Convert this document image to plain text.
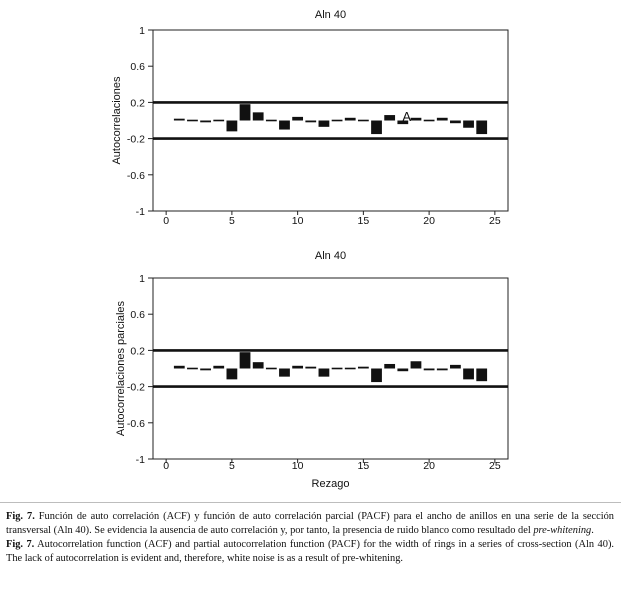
Aln 40
1
0.6
0.2
-0.2
-0.6
-1
Autocorrelaciones
0	5	10	15	20	25
A
Aln 40
1
0.6
0.2
-0.2
-0.6
-1
Autocorrelaciones parciales
0	5	10	15	20	25
Rezago

Fig. 7. Función de auto correlación (ACF) y función de auto correlación parcial (PACF) para el ancho de anillos en una serie de la sección transversal (Aln 40). Se evidencia la ausencia de auto correlación y, por tanto, la presencia de ruido blanco como resultado del pre-whitening.

Fig. 7. Autocorrelation function (ACF) and partial autocorrelation function (PACF) for the width of rings in a series of cross-section (Aln 40). The lack of autocorrelation is evident and, therefore, white noise is as a result of pre-whitening.
